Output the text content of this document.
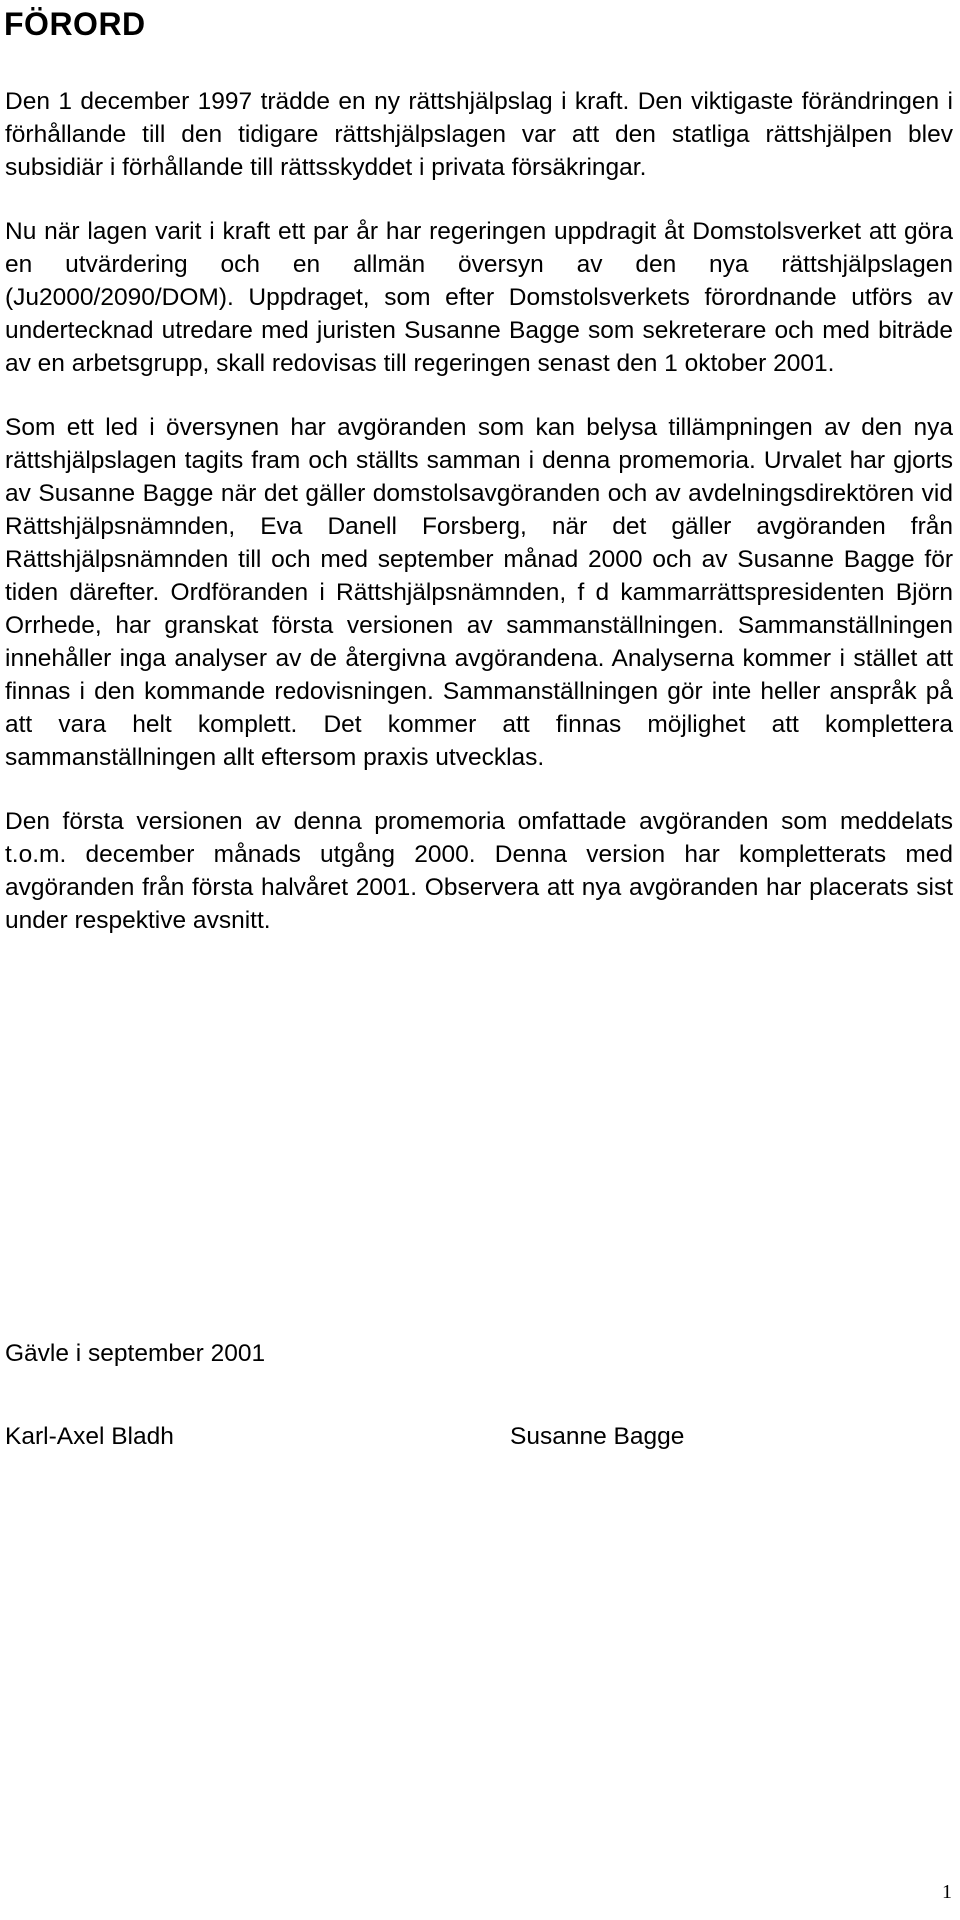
FÖRORD

Den 1 december 1997 trädde en ny rättshjälpslag i kraft. Den viktigaste förändringen i förhållande till den tidigare rättshjälpslagen var att den statliga rättshjälpen blev subsidiär i förhållande till rättsskyddet i privata försäkringar.

Nu när lagen varit i kraft ett par år har regeringen uppdragit åt Domstolsverket att göra en utvärdering och en allmän översyn av den nya rättshjälpslagen (Ju2000/2090/DOM). Uppdraget, som efter Domstolsverkets förordnande utförs av undertecknad utredare med juristen Susanne Bagge som sekreterare och med biträde av en arbetsgrupp, skall redovisas till regeringen senast den 1 oktober 2001.

Som ett led i översynen har avgöranden som kan belysa tillämpningen av den nya rättshjälpslagen tagits fram och ställts samman i denna promemoria. Urvalet har gjorts av Susanne Bagge när det gäller domstolsavgöranden och av avdelningsdirektören vid Rättshjälpsnämnden, Eva Danell Forsberg, när det gäller avgöranden från Rättshjälpsnämnden till och med september månad 2000 och av Susanne Bagge för tiden därefter. Ordföranden i Rättshjälpsnämnden, f d kammarrättspresidenten Björn Orrhede, har granskat första versionen av sammanställningen. Sammanställningen innehåller inga analyser av de återgivna avgörandena. Analyserna kommer i stället att finnas i den kommande redovisningen. Sammanställningen gör inte heller anspråk på att vara helt komplett. Det kommer att finnas möjlighet att komplettera sammanställningen allt eftersom praxis utvecklas.

Den första versionen av denna promemoria omfattade avgöranden som meddelats t.o.m. december månads utgång 2000. Denna version har kompletterats med avgöranden från första halvåret 2001. Observera att nya avgöranden har placerats sist under respektive avsnitt.

Gävle i september 2001

Karl-Axel Bladh	Susanne Bagge

1
